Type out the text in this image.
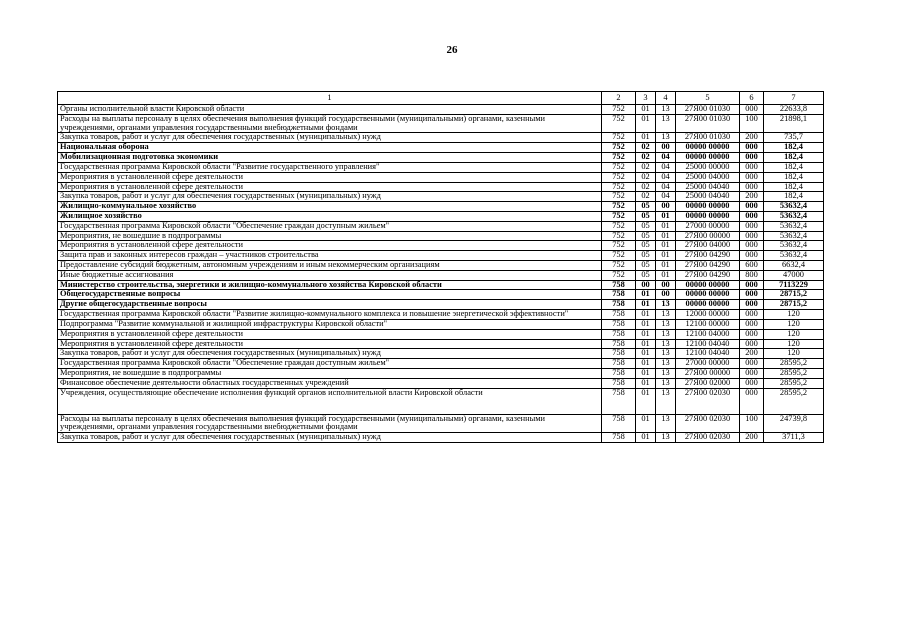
26
1	2	3	4	5	6	7
Органы исполнительной власти Кировской области	752	01	13	27Я00 01030	000	22633,8
Расходы на выплаты персоналу в целях обеспечения выполнения функций государственными (муниципальными) органами, казенными учреждениями, органами управления государственными внебюджетными фондами	752	01	13	27Я00 01030	100	21898,1
Закупка товаров, работ и услуг для обеспечения государственных (муниципальных) нужд	752	01	13	27Я00 01030	200	735,7
Национальная оборона	752	02	00	00000 00000	000	182,4
Мобилизационная подготовка экономики	752	02	04	00000 00000	000	182,4
Государственная программа Кировской области "Развитие государственного управления"	752	02	04	25000 00000	000	182,4
Мероприятия в установленной сфере деятельности	752	02	04	25000 04000	000	182,4
Мероприятия в установленной сфере деятельности	752	02	04	25000 04040	000	182,4
Закупка товаров, работ и услуг для обеспечения государственных (муниципальных) нужд	752	02	04	25000 04040	200	182,4
Жилищно-коммунальное хозяйство	752	05	00	00000 00000	000	53632,4
Жилищное хозяйство	752	05	01	00000 00000	000	53632,4
Государственная программа Кировской области "Обеспечение граждан доступным жильем"	752	05	01	27000 00000	000	53632,4
Мероприятия, не вошедшие в подпрограммы	752	05	01	27Я00 00000	000	53632,4
Мероприятия в установленной сфере деятельности	752	05	01	27Я00 04000	000	53632,4
Защита прав и законных интересов граждан – участников строительства	752	05	01	27Я00 04290	000	53632,4
Предоставление субсидий бюджетным, автономным учреждениям и иным некоммерческим организациям	752	05	01	27Я00 04290	600	6632,4
Иные бюджетные ассигнования	752	05	01	27Я00 04290	800	47000
Министерство строительства, энергетики и жилищно-коммунального хозяйства Кировской области	758	00	00	00000 00000	000	7113229
Общегосударственные вопросы	758	01	00	00000 00000	000	28715,2
Другие общегосударственные вопросы	758	01	13	00000 00000	000	28715,2
Государственная программа Кировской области "Развитие жилищно-коммунального комплекса и повышение энергетической эффективности"	758	01	13	12000 00000	000	120
Подпрограмма "Развитие коммунальной и жилищной инфраструктуры Кировской области"	758	01	13	12100 00000	000	120
Мероприятия в установленной сфере деятельности	758	01	13	12100 04000	000	120
Мероприятия в установленной сфере деятельности	758	01	13	12100 04040	000	120
Закупка товаров, работ и услуг для обеспечения государственных (муниципальных) нужд	758	01	13	12100 04040	200	120
Государственная программа Кировской области "Обеспечение граждан доступным жильем"	758	01	13	27000 00000	000	28595,2
Мероприятия, не вошедшие в подпрограммы	758	01	13	27Я00 00000	000	28595,2
Финансовое обеспечение деятельности областных государственных учреждений	758	01	13	27Я00 02000	000	28595,2
Учреждения, осуществляющие обеспечение исполнения функций органов исполнительной власти Кировской области	758	01	13	27Я00 02030	000	28595,2
Расходы на выплаты персоналу в целях обеспечения выполнения функций государственными (муниципальными) органами, казенными учреждениями, органами управления государственными внебюджетными фондами	758	01	13	27Я00 02030	100	24739,8
Закупка товаров, работ и услуг для обеспечения государственных (муниципальных) нужд	758	01	13	27Я00 02030	200	3711,3
